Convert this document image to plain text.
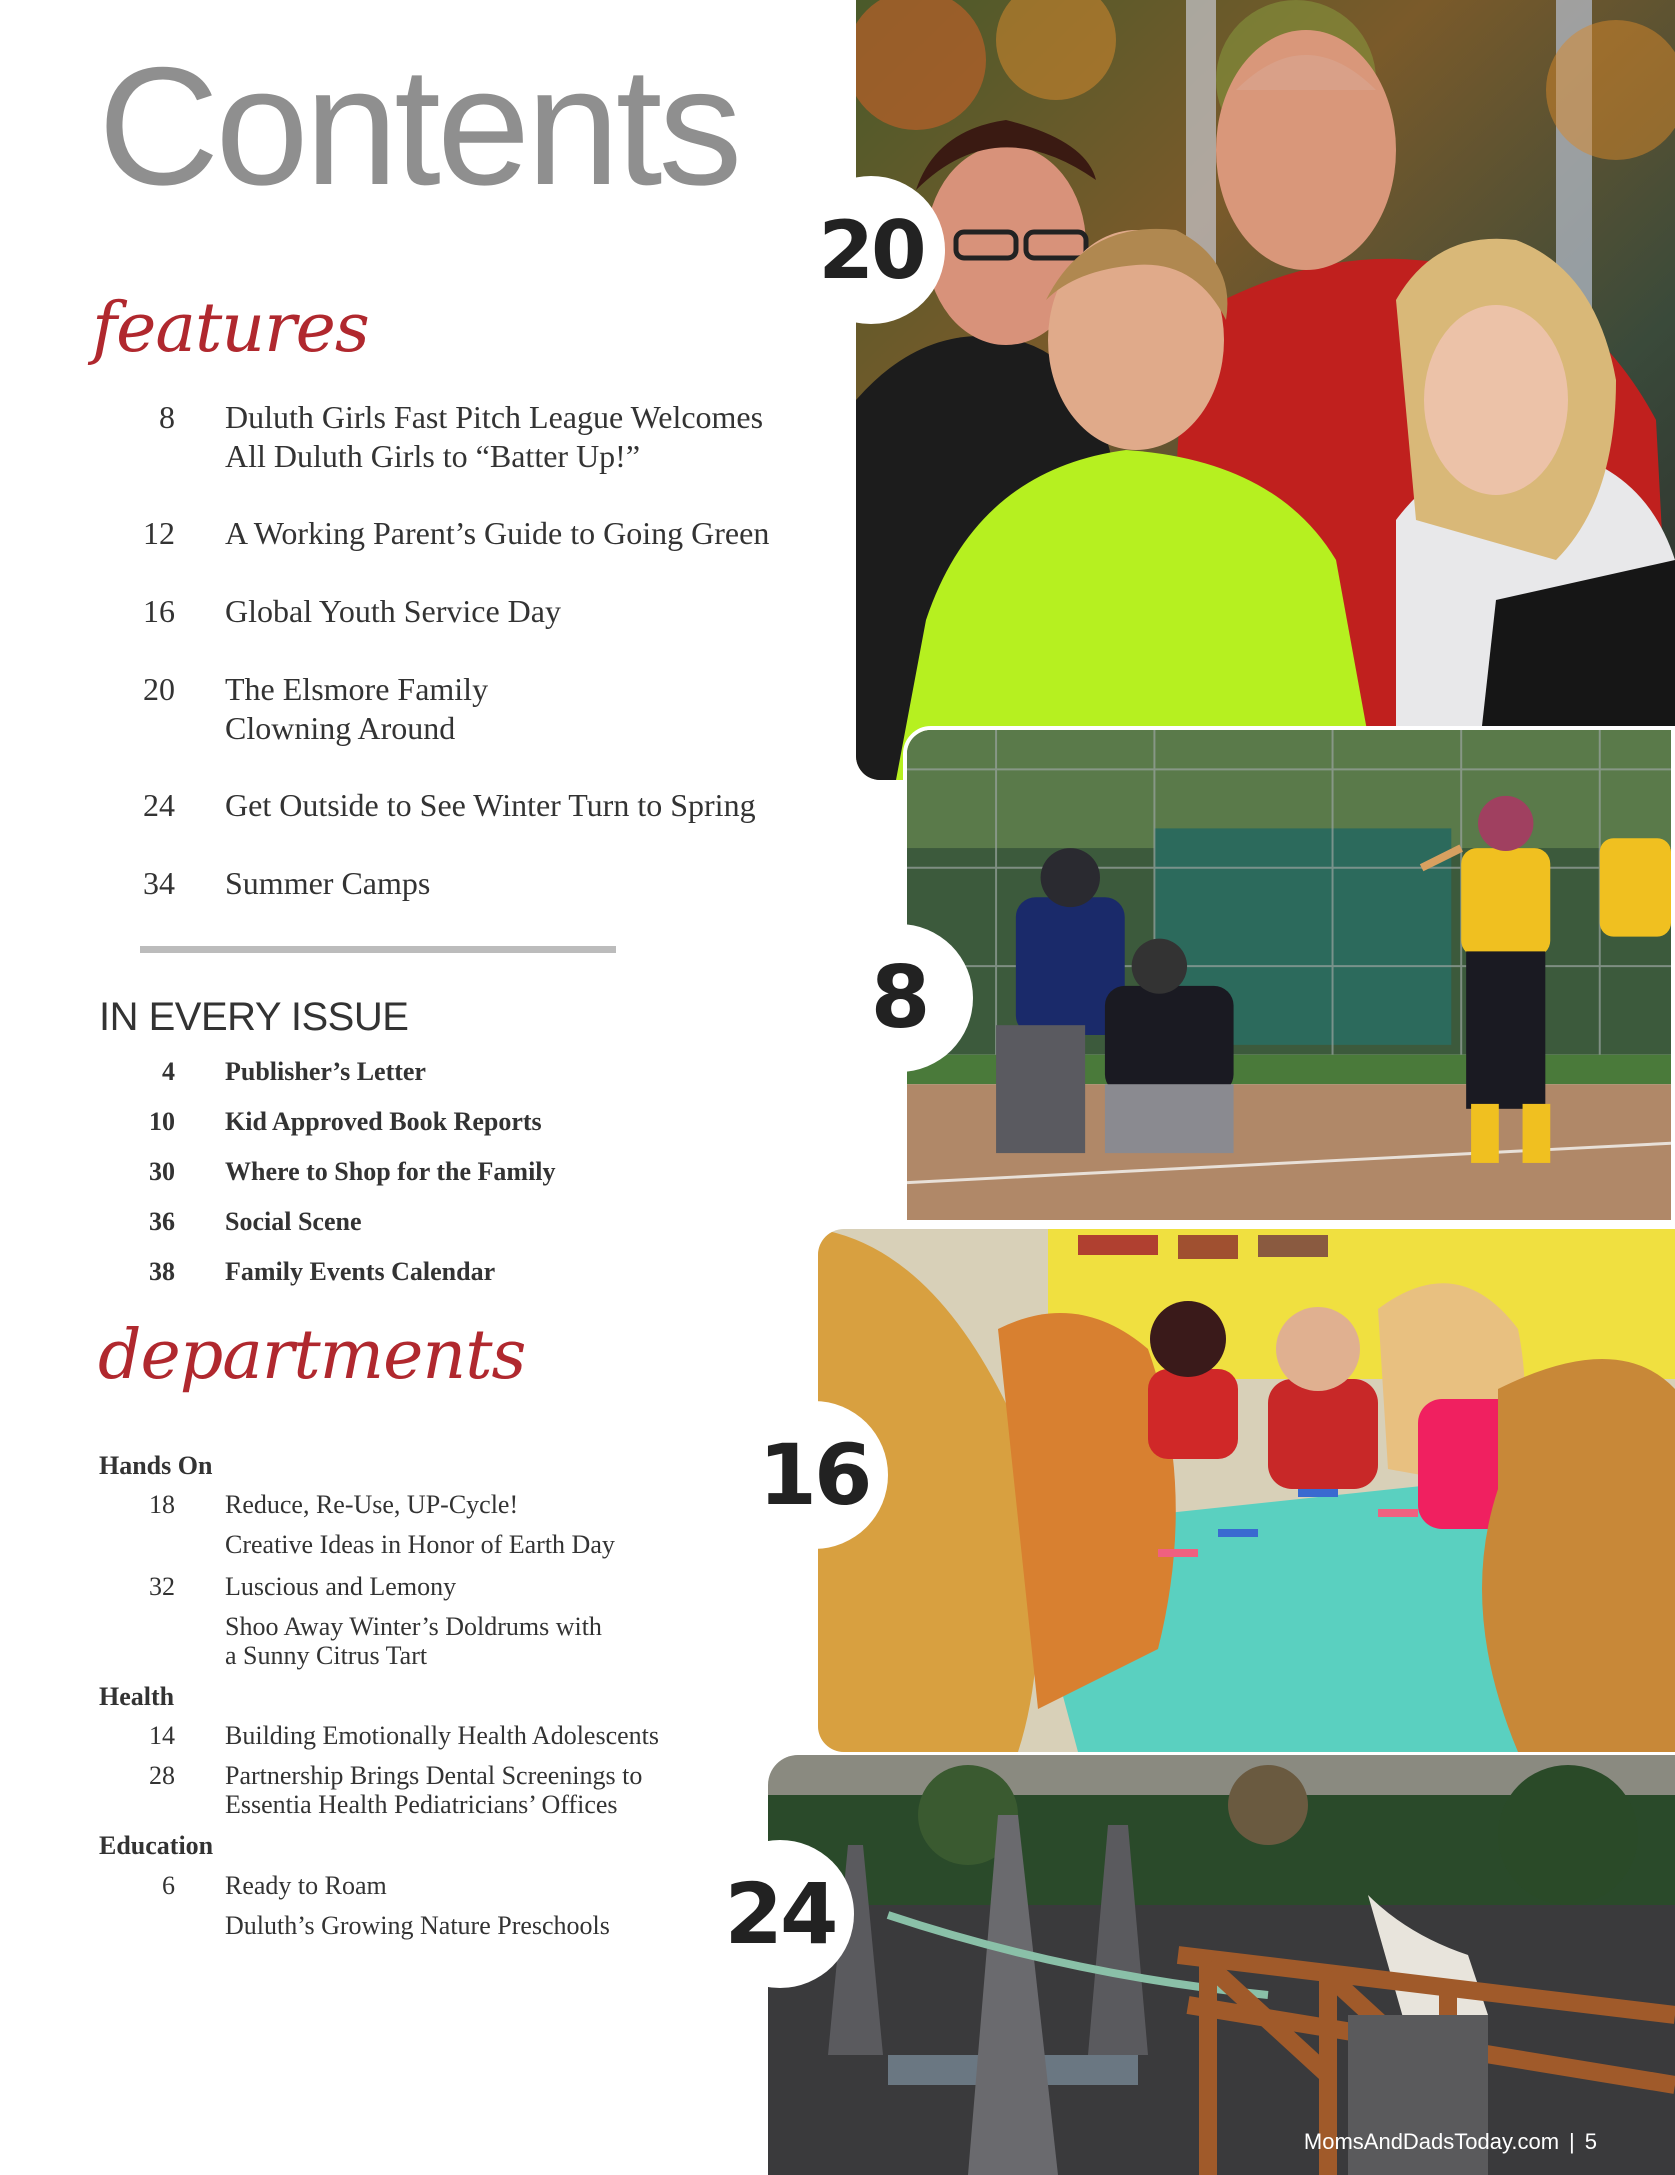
Contents
features
8 Duluth Girls Fast Pitch League Welcomes
All Duluth Girls to “Batter Up!”
12 A Working Parent’s Guide to Going Green
16 Global Youth Service Day
20 The Elsmore Family
Clowning Around
24 Get Outside to See Winter Turn to Spring
34 Summer Camps
IN EVERY ISSUE
4 Publisher’s Letter
10 Kid Approved Book Reports
30 Where to Shop for the Family
36 Social Scene
38 Family Events Calendar
departments
Hands On
18 Reduce, Re-Use, UP-Cycle!
Creative Ideas in Honor of Earth Day
32 Luscious and Lemony
Shoo Away Winter’s Doldrums with
a Sunny Citrus Tart
Health
14 Building Emotionally Health Adolescents
28 Partnership Brings Dental Screenings to
Essentia Health Pediatricians’ Offices
Education
6 Ready to Roam
Duluth’s Growing Nature Preschools
20
8
16
24
MomsAndDadsToday.com | 5
